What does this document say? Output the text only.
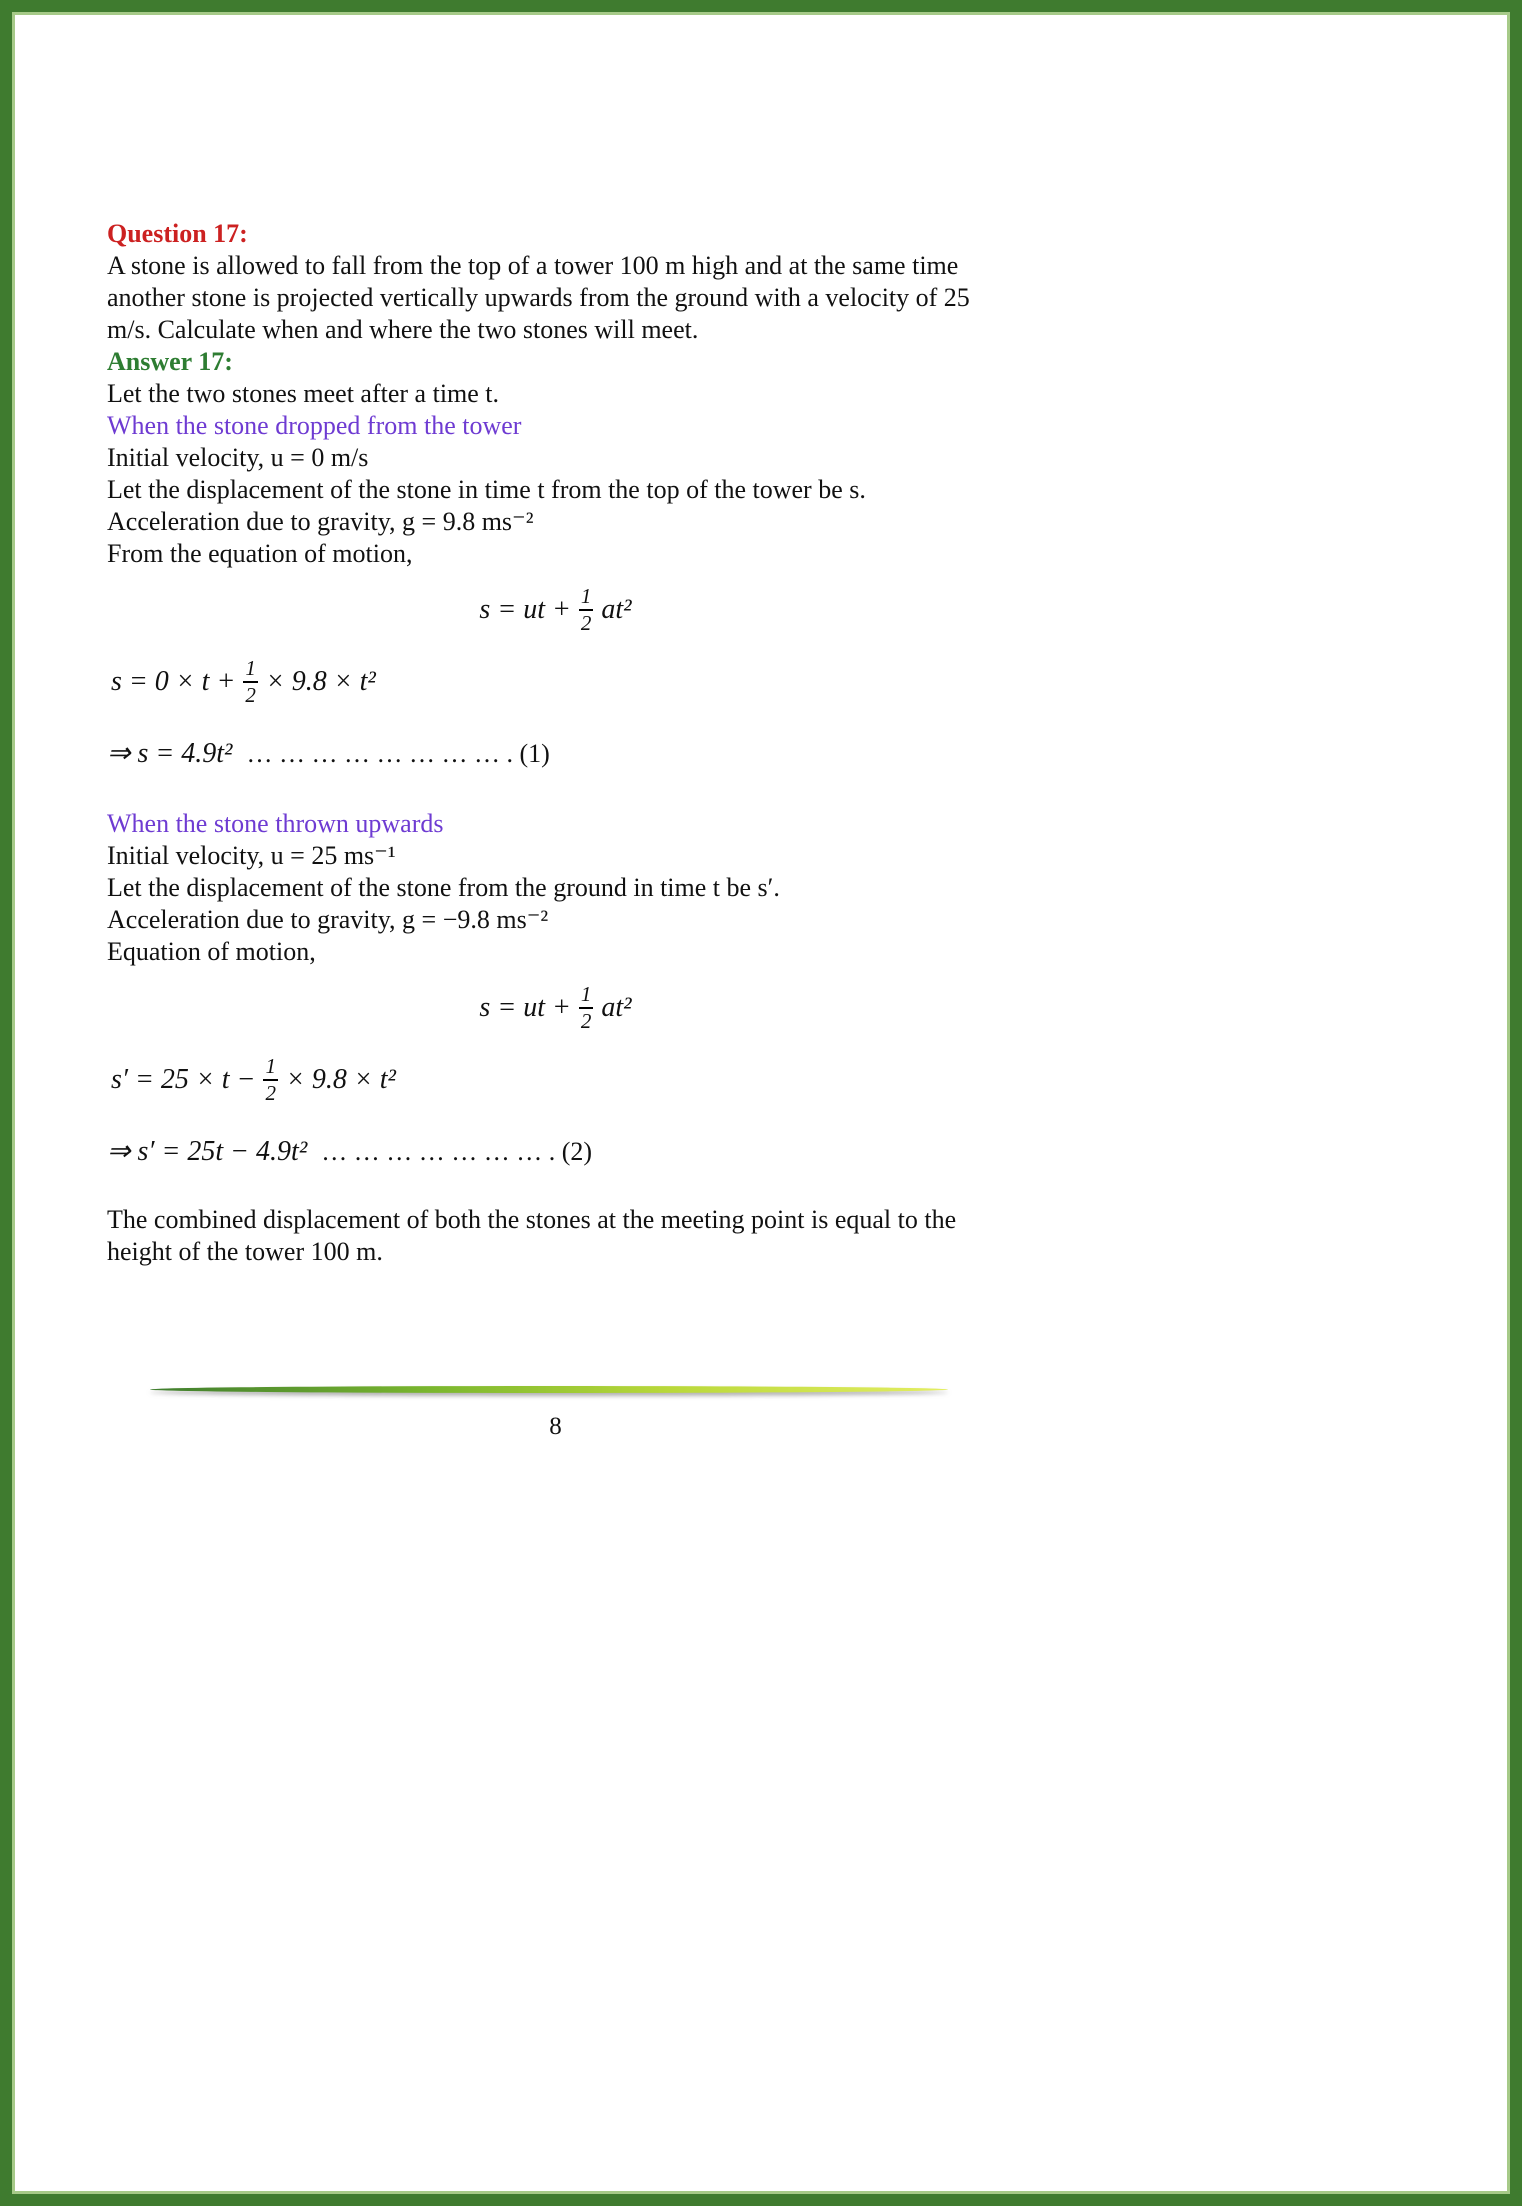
Question 17:
A stone is allowed to fall from the top of a tower 100 m high and at the same time another stone is projected vertically upwards from the ground with a velocity of 25 m/s. Calculate when and where the two stones will meet.
Answer 17:
Let the two stones meet after a time t.
When the stone dropped from the tower
Initial velocity, u = 0 m/s
Let the displacement of the stone in time t from the top of the tower be s.
Acceleration due to gravity, g = 9.8 ms⁻²
From the equation of motion,
s = ut + $\frac{1}{2} at^2$
$s = 0 \times t + \frac{1}{2} \times 9.8 \times t^2$
⇒ s = 4.9t² … … … … … … … … . (1)
When the stone thrown upwards
Initial velocity, u = 25 ms⁻¹
Let the displacement of the stone from the ground in time t be s′.
Acceleration due to gravity, g = −9.8 ms⁻²
Equation of motion,
s = ut + $\frac{1}{2} at^2$
$s' = 25 \times t - \frac{1}{2} \times 9.8 \times t^2$
⇒ s′ = 25t − 4.9t² … … … … … … … . (2)
The combined displacement of both the stones at the meeting point is equal to the height of the tower 100 m.
8
